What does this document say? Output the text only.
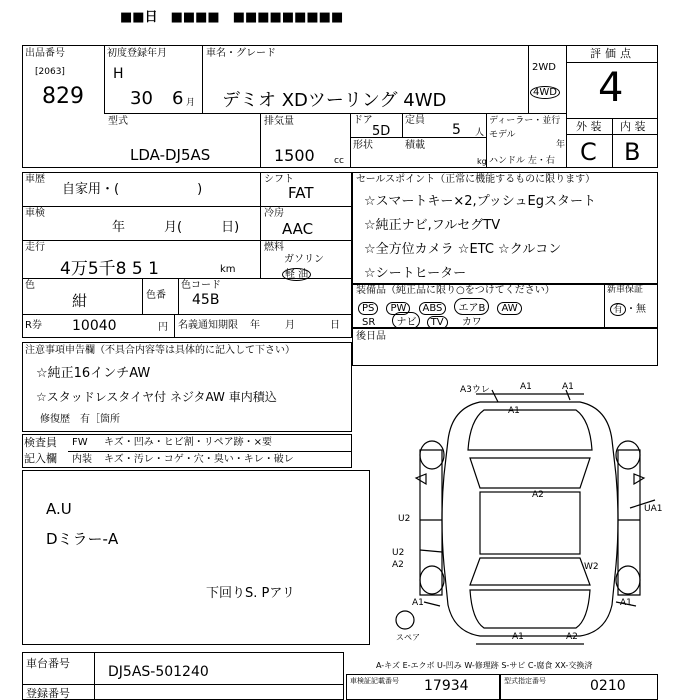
■■日　■■■■　■■■■■■■■■
出品番号
[2063]
829
初度登録年月
H
30 6 月
車名・グレード
デミオ XDツーリング 4WD
2WD
4WD
評価点
4
型式
LDA-DJ5AS
排気量
1500 cc
ドア
5D
定員
5 人
形状	積載
kg
ディーラー・並行
モデル
年
ハンドル 左・右
外 装 内 装
C B
車歴
自家用・(　　　　　　)
車検
年　　　月(　　　日)
走行
4万5千8 5 1	km
色
紺	色番
色コード
45B
R券 10040	円 名義通知期限 年	月	日
シフト
FAT
冷房
AAC
燃料
ガソリン
軽 油
セールスポイント（正常に機能するものに限ります）
☆スマートキー×2,プッシュEgスタート
☆純正ナビ,フルセグTV
☆全方位カメラ ☆ETC ☆クルコン
☆シートヒーター
装備品（純正品に限り○をつけてください）	新車保証
PS PW ABS エアB AW
SR ナビ TV カワ
有 ・無
後日品
注意事項申告欄（不具合内容等は具体的に記入して下さい）
☆純正16インチAW
☆スタッドレスタイヤ付 ネジタAW 車内積込
修復歴　有［箇所
検査員
記入欄
FW キズ・凹み・ヒビ割・リペア跡・×要
内装 キズ・汚レ・コゲ・穴・臭い・キレ・破レ
A.U
Dミラー-A
下回りS. Pアリ
A3ウレ	A1	A1
A1
A2
U2
UA1
U2
A2	W2
A1	A1
A1	A2
スペア
車台番号
DJ5AS-501240
登録番号
A-キズ E-エクボ U-凹み W-修理跡 S-サビ C-腐食 XX-交換済
車検証記載番号 17934	型式指定番号	0210
